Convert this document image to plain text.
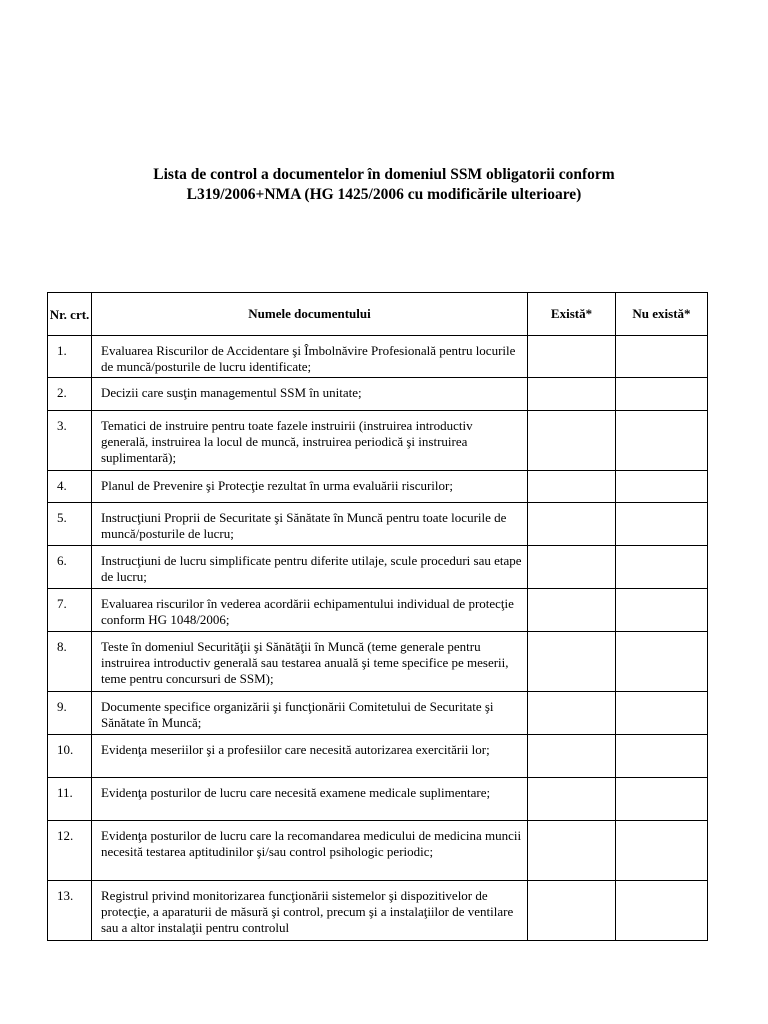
Lista de control a documentelor în domeniul SSM obligatorii conform
L319/2006+NMA (HG 1425/2006 cu modificările ulterioare)
Nr. crt.	Numele documentului	Există*	Nu există*
1.	Evaluarea Riscurilor de Accidentare şi Îmbolnăvire Profesională pentru locurile de muncă/posturile de lucru identificate;		

2.	Decizii care susţin managementul SSM în unitate;		

3.	Tematici de instruire pentru toate fazele instruirii (instruirea introductiv generală, instruirea la locul de muncă, instruirea periodică şi instruirea suplimentară);		

4.	Planul de Prevenire şi Protecţie rezultat în urma evaluării riscurilor;		

5.	Instrucţiuni Proprii de Securitate şi Sănătate în Muncă pentru toate locurile de muncă/posturile de lucru;		

6.	Instrucţiuni de lucru simplificate pentru diferite utilaje, scule proceduri sau etape de lucru;		

7.	Evaluarea riscurilor în vederea acordării echipamentului individual de protecţie conform HG 1048/2006;		

8.	Teste în domeniul Securităţii şi Sănătăţii în Muncă (teme generale pentru instruirea introductiv generală sau testarea anuală şi teme specifice pe meserii, teme pentru concursuri de SSM);		

9.	Documente specifice organizării şi funcţionării Comitetului de Securitate şi Sănătate în Muncă;		

10.	Evidenţa meseriilor şi a profesiilor care necesită autorizarea exercitării lor;		

11.	Evidenţa posturilor de lucru care necesită examene medicale suplimentare;		

12.	Evidenţa posturilor de lucru care la recomandarea medicului de medicina muncii necesită testarea aptitudinilor şi/sau control psihologic periodic;		

13.	Registrul privind monitorizarea funcţionării sistemelor şi dispozitivelor de protecţie, a aparaturii de măsură şi control, precum şi a instalaţiilor de ventilare sau a altor instalaţii pentru controlul		
